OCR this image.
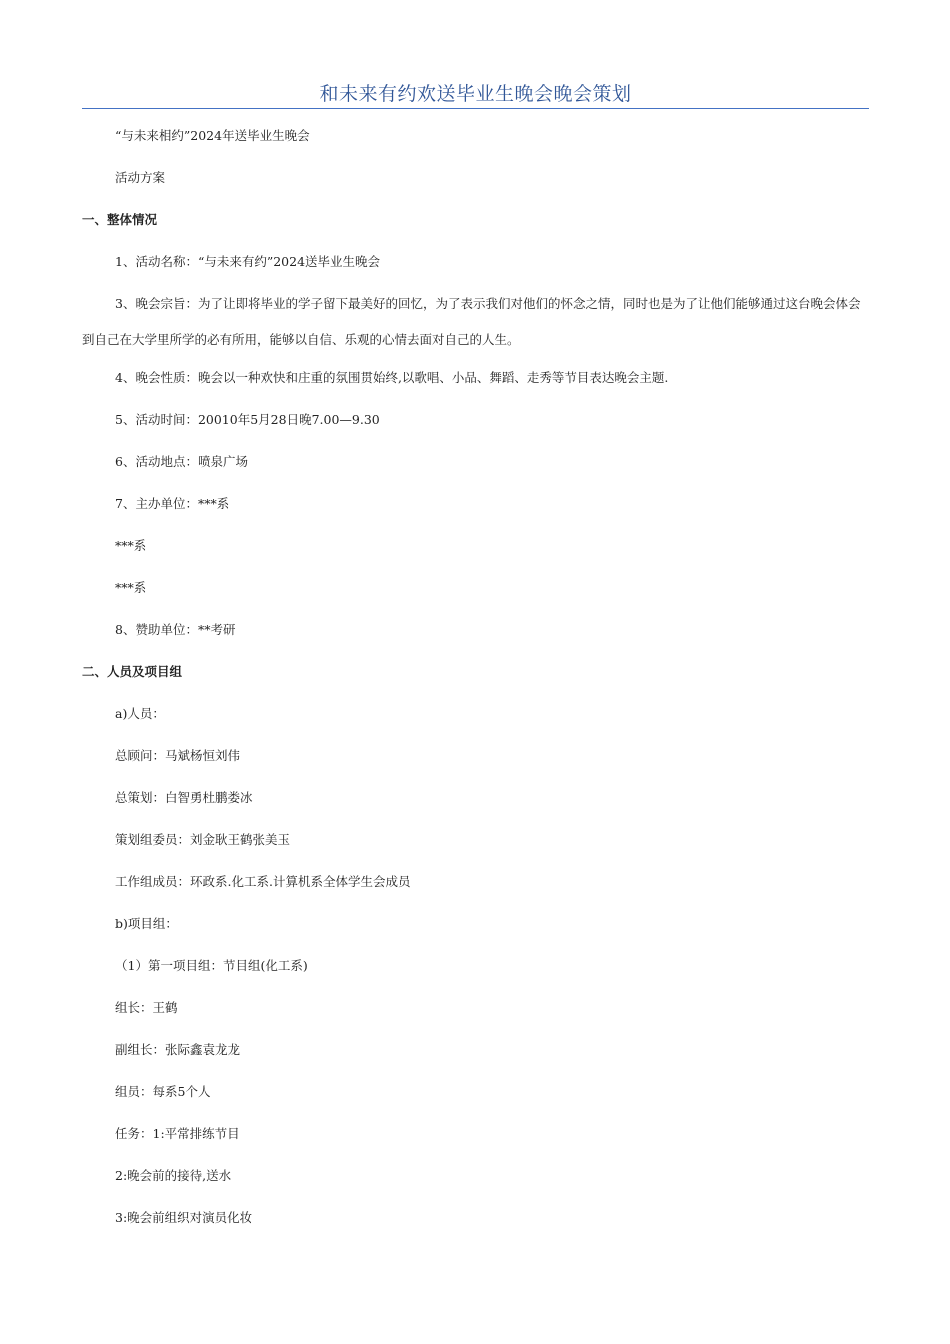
和未来有约欢送毕业生晚会晚会策划
“与未来相约”2024年送毕业生晚会
活动方案
一、整体情况
1、活动名称：“与未来有约”2024送毕业生晚会

3、晚会宗旨：为了让即将毕业的学子留下最美好的回忆，为了表示我们对他们的怀念之情，同时也是为了让他们能够通过这台晚会体会到自己在大学里所学的必有所用，能够以自信、乐观的心情去面对自己的人生。

4、晚会性质：晚会以一种欢快和庄重的氛围贯始终,以歌唱、小品、舞蹈、走秀等节目表达晚会主题.
5、活动时间：20010年5月28日晚7.00—9.30
6、活动地点：喷泉广场
7、主办单位：***系
***系
***系
8、赞助单位：**考研
二、人员及项目组
a)人员：
总顾问：马斌杨恒刘伟
总策划：白智勇杜鹏娄冰
策划组委员：刘金耿王鹤张美玉
工作组成员：环政系.化工系.计算机系全体学生会成员
b)项目组：
（1）第一项目组：节目组(化工系)
组长：王鹤
副组长：张际鑫袁龙龙
组员：每系5个人
任务：1:平常排练节目
2:晚会前的接待,送水
3:晚会前组织对演员化妆
